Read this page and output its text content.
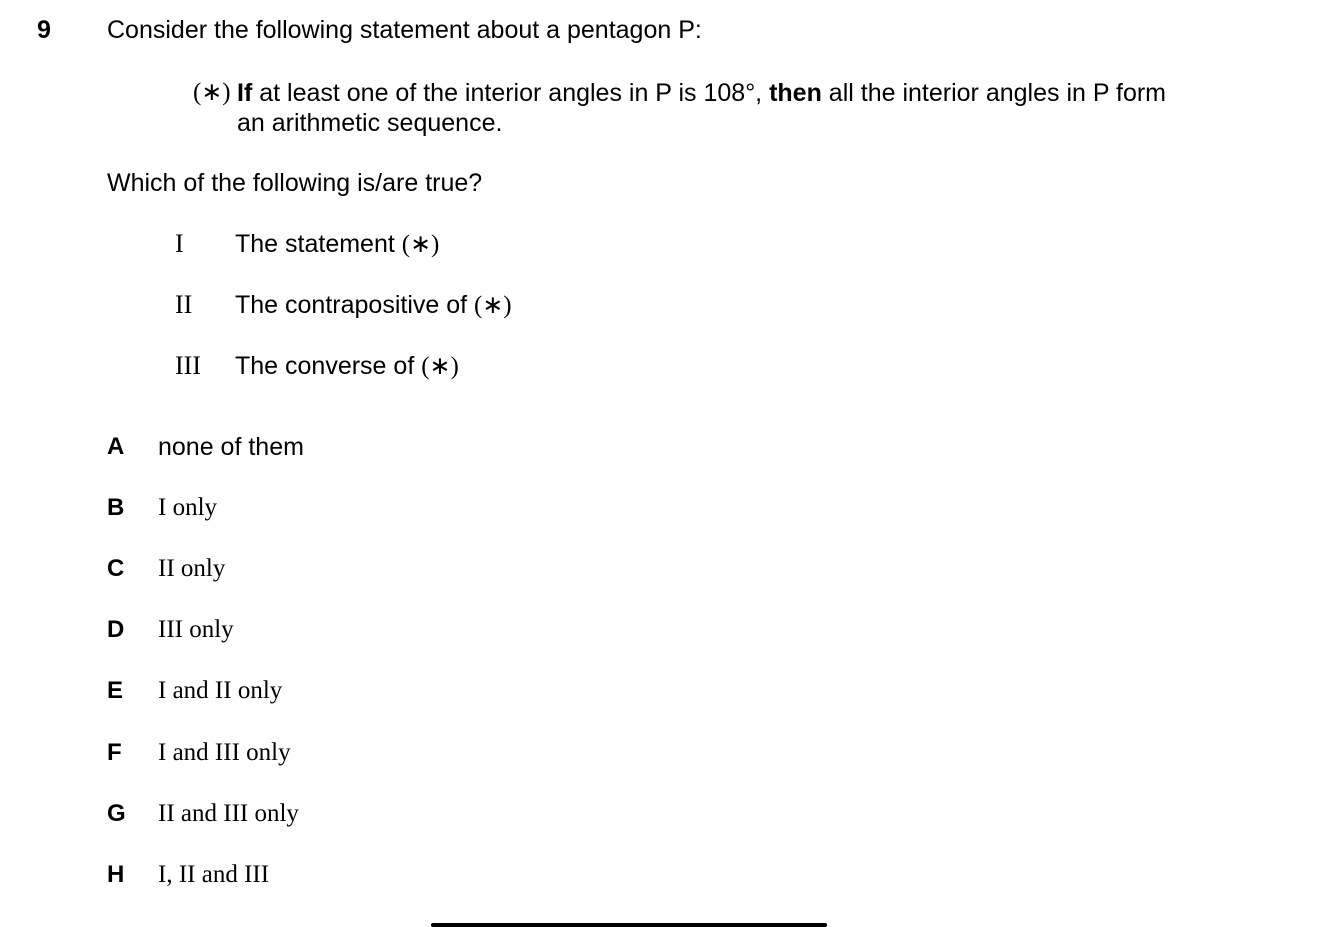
9 Consider the following statement about a pentagon P:
(∗) If at least one of the interior angles in P is 108°, then all the interior angles in P form an arithmetic sequence.
Which of the following is/are true?
I The statement (∗)
II The contrapositive of (∗)
III The converse of (∗)
A none of them
B I only
C II only
D III only
E I and II only
F I and III only
G II and III only
H I, II and III
